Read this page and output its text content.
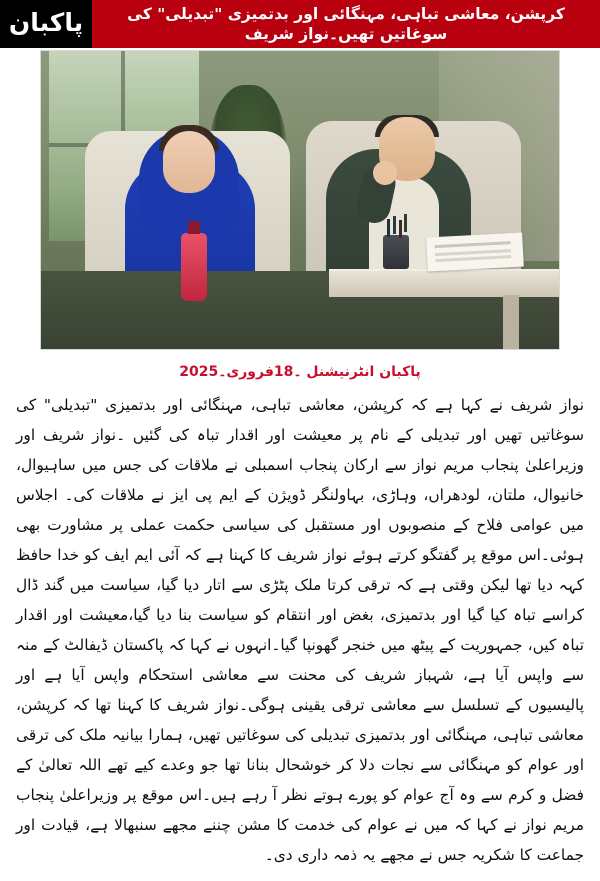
پاکبان	کرپشن، معاشی تباہی، مہنگائی اور بدتمیزی "تبدیلی" کی سوغاتیں تھیں۔نواز شریف
پاکبان انٹرنیشنل ۔18فروری۔2025

نواز شریف نے کہا ہے کہ کرپشن، معاشی تباہی، مہنگائی اور بدتمیزی "تبدیلی" کی سوغاتیں تھیں اور تبدیلی کے نام پر معیشت اور اقدار تباہ کی گئیں ۔نواز شریف اور وزیراعلیٰ پنجاب مریم نواز سے ارکان پنجاب اسمبلی نے ملاقات کی جس میں ساہیوال، خانیوال، ملتان، لودھراں، وہاڑی، بہاولنگر ڈویژن کے ایم پی ایز نے ملاقات کی۔ اجلاس میں عوامی فلاح کے منصوبوں اور مستقبل کی سیاسی حکمت عملی پر مشاورت بھی ہوئی۔اس موقع پر گفتگو کرتے ہوئے نواز شریف کا کہنا ہے کہ آئی ایم ایف کو خدا حافظ کہہ دیا تھا لیکن وقتی ہے کہ ترقی کرتا ملک پٹڑی سے اتار دیا گیا، سیاست میں گند ڈال کراسے تباہ کیا گیا اور بدتمیزی، بغض اور انتقام کو سیاست بنا دیا گیا،معیشت اور اقدار تباہ کیں، جمہوریت کے پیٹھ میں خنجر گھونپا گیا۔انہوں نے کہا کہ پاکستان ڈیفالٹ کے منہ سے واپس آیا ہے، شہباز شریف کی محنت سے معاشی استحکام واپس آیا ہے اور پالیسیوں کے تسلسل سے معاشی ترقی یقینی ہوگی۔نواز شریف کا کہنا تھا کہ کرپشن، معاشی تباہی، مہنگائی اور بدتمیزی تبدیلی کی سوغاتیں تھیں، ہمارا بیانیہ ملک کی ترقی اور عوام کو مہنگائی سے نجات دلا کر خوشحال بنانا تھا جو وعدے کیے تھے اللہ تعالیٰ کے فضل و کرم سے وہ آج عوام کو پورے ہوتے نظر آ رہے ہیں۔اس موقع پر وزیراعلیٰ پنجاب مریم نواز نے کہا کہ میں نے عوام کی خدمت کا مشن چننے مجھے سنبھالا ہے، قیادت اور جماعت کا شکریہ جس نے مجھے یہ ذمہ داری دی۔
